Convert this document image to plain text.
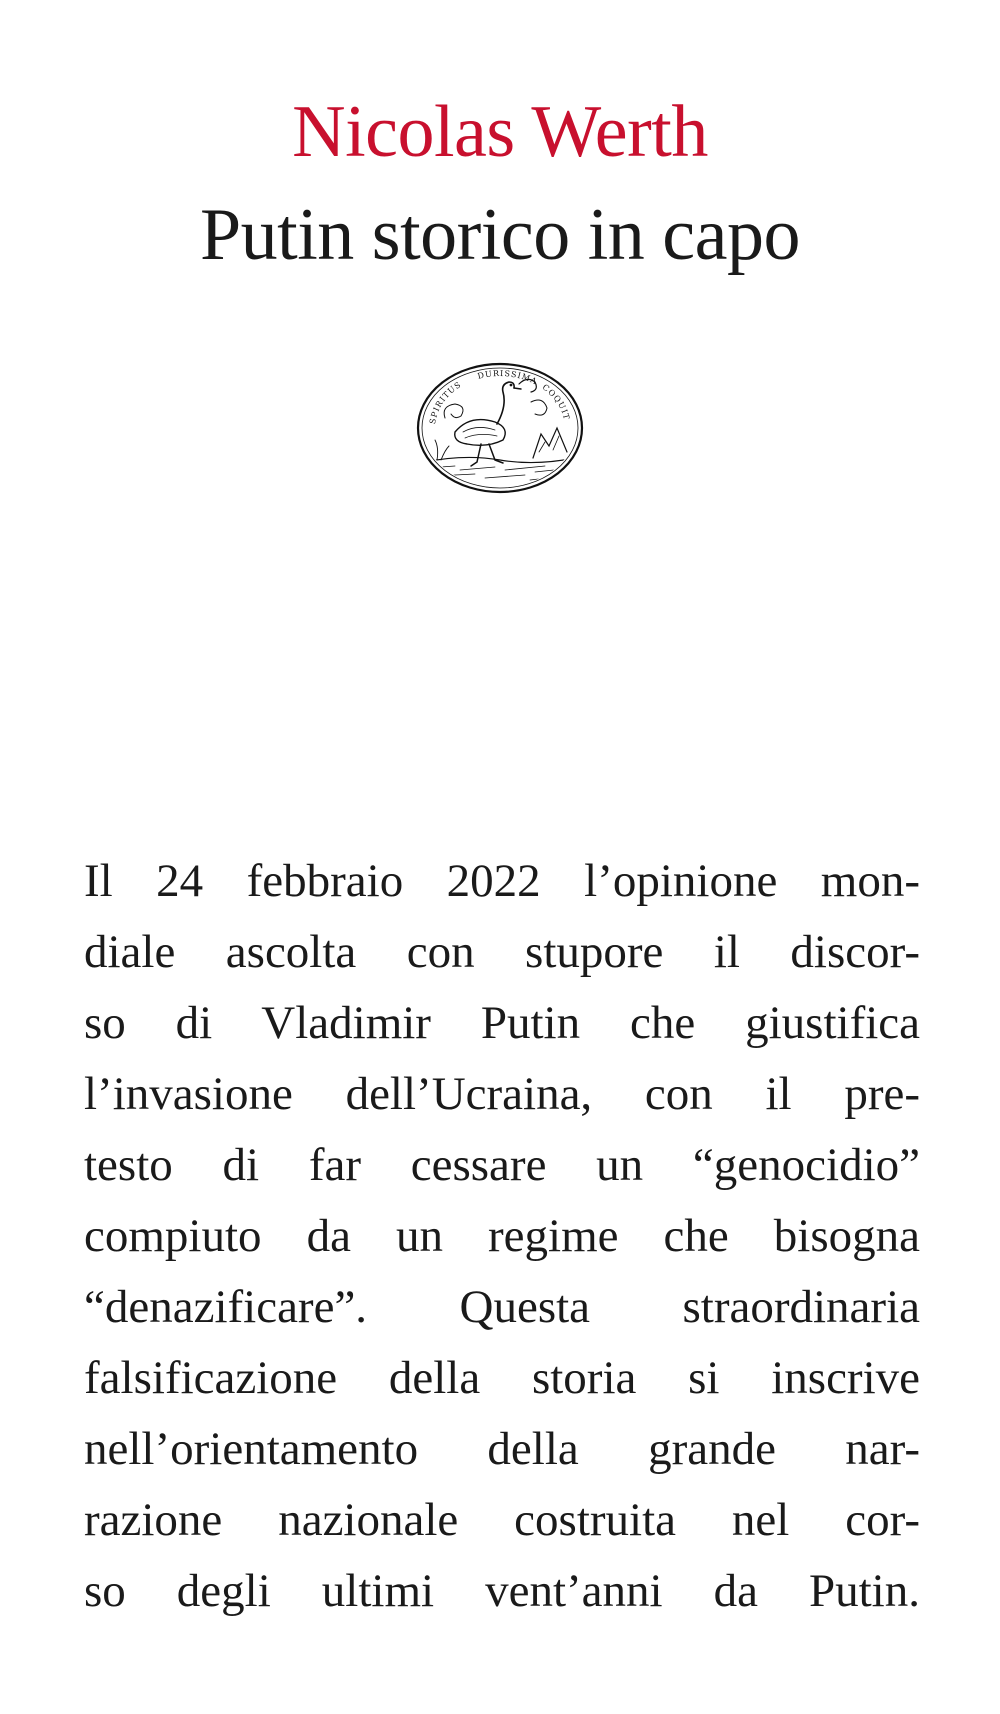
Nicolas Werth
Putin storico in capo
SPIRITUS
DURISSIMA
COQUIT
Il 24 febbraio 2022 l’opinione mon-
diale ascolta con stupore il discor-
so di Vladimir Putin che giustifica
l’invasione dell’Ucraina, con il pre-
testo di far cessare un “genocidio”
compiuto da un regime che bisogna
“denazificare”. Questa straordinaria
falsificazione della storia si inscrive
nell’orientamento della grande nar-
razione nazionale costruita nel cor-
so degli ultimi vent’anni da Putin.
